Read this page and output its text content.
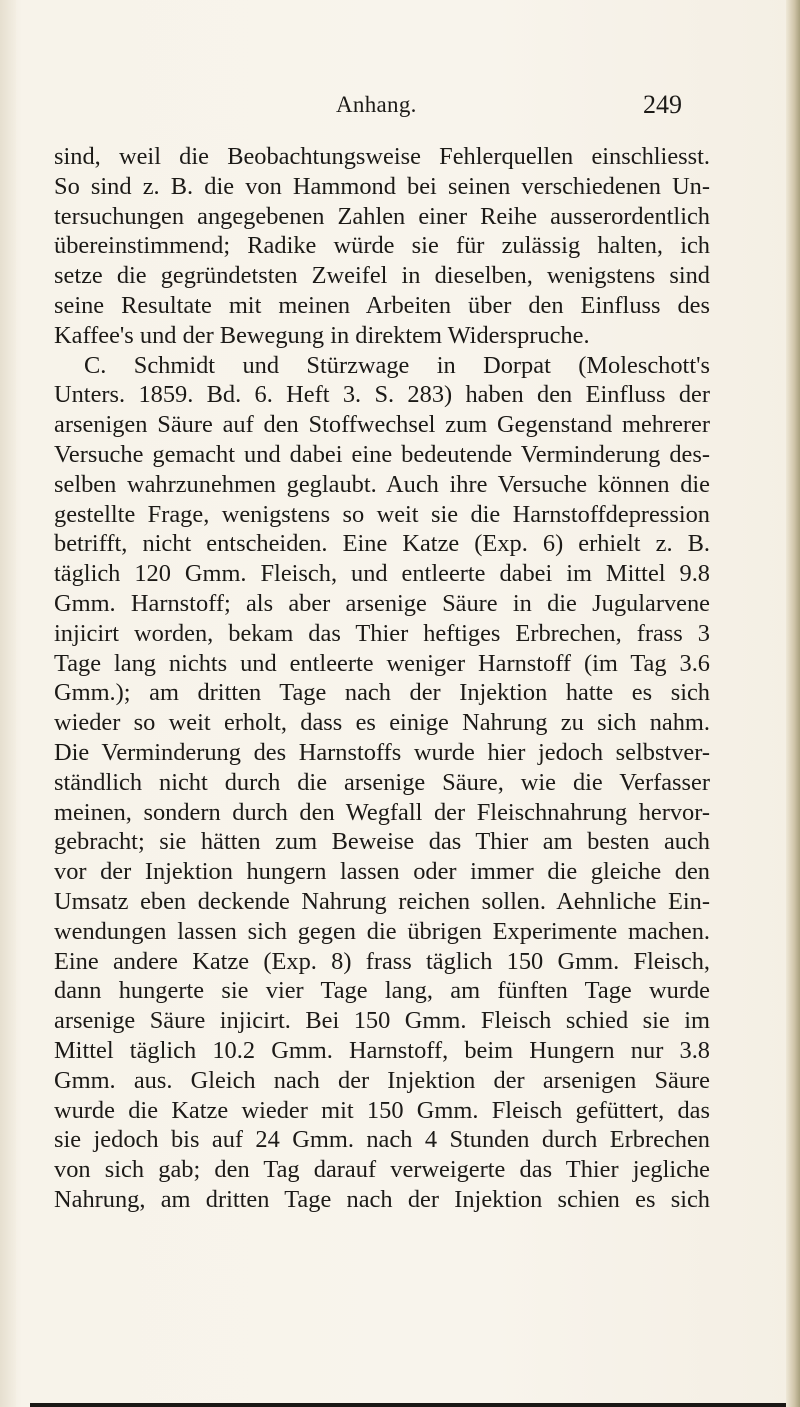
Anhang.	249
sind, weil die Beobachtungsweise Fehlerquellen einschliesst.
So sind z. B. die von Hammond bei seinen verschiedenen Un-
tersuchungen angegebenen Zahlen einer Reihe ausserordentlich
übereinstimmend; Radike würde sie für zulässig halten, ich
setze die gegründetsten Zweifel in dieselben, wenigstens sind
seine Resultate mit meinen Arbeiten über den Einfluss des
Kaffee's und der Bewegung in direktem Widerspruche.
C. Schmidt und Stürzwage in Dorpat (Moleschott's
Unters. 1859. Bd. 6. Heft 3. S. 283) haben den Einfluss der
arsenigen Säure auf den Stoffwechsel zum Gegenstand mehrerer
Versuche gemacht und dabei eine bedeutende Verminderung des-
selben wahrzunehmen geglaubt. Auch ihre Versuche können die
gestellte Frage, wenigstens so weit sie die Harnstoffdepression
betrifft, nicht entscheiden. Eine Katze (Exp. 6) erhielt z. B.
täglich 120 Gmm. Fleisch, und entleerte dabei im Mittel 9.8
Gmm. Harnstoff; als aber arsenige Säure in die Jugularvene
injicirt worden, bekam das Thier heftiges Erbrechen, frass 3
Tage lang nichts und entleerte weniger Harnstoff (im Tag 3.6
Gmm.); am dritten Tage nach der Injektion hatte es sich
wieder so weit erholt, dass es einige Nahrung zu sich nahm.
Die Verminderung des Harnstoffs wurde hier jedoch selbstver-
ständlich nicht durch die arsenige Säure, wie die Verfasser
meinen, sondern durch den Wegfall der Fleischnahrung hervor-
gebracht; sie hätten zum Beweise das Thier am besten auch
vor der Injektion hungern lassen oder immer die gleiche den
Umsatz eben deckende Nahrung reichen sollen. Aehnliche Ein-
wendungen lassen sich gegen die übrigen Experimente machen.
Eine andere Katze (Exp. 8) frass täglich 150 Gmm. Fleisch,
dann hungerte sie vier Tage lang, am fünften Tage wurde
arsenige Säure injicirt. Bei 150 Gmm. Fleisch schied sie im
Mittel täglich 10.2 Gmm. Harnstoff, beim Hungern nur 3.8
Gmm. aus. Gleich nach der Injektion der arsenigen Säure
wurde die Katze wieder mit 150 Gmm. Fleisch gefüttert, das
sie jedoch bis auf 24 Gmm. nach 4 Stunden durch Erbrechen
von sich gab; den Tag darauf verweigerte das Thier jegliche
Nahrung, am dritten Tage nach der Injektion schien es sich
